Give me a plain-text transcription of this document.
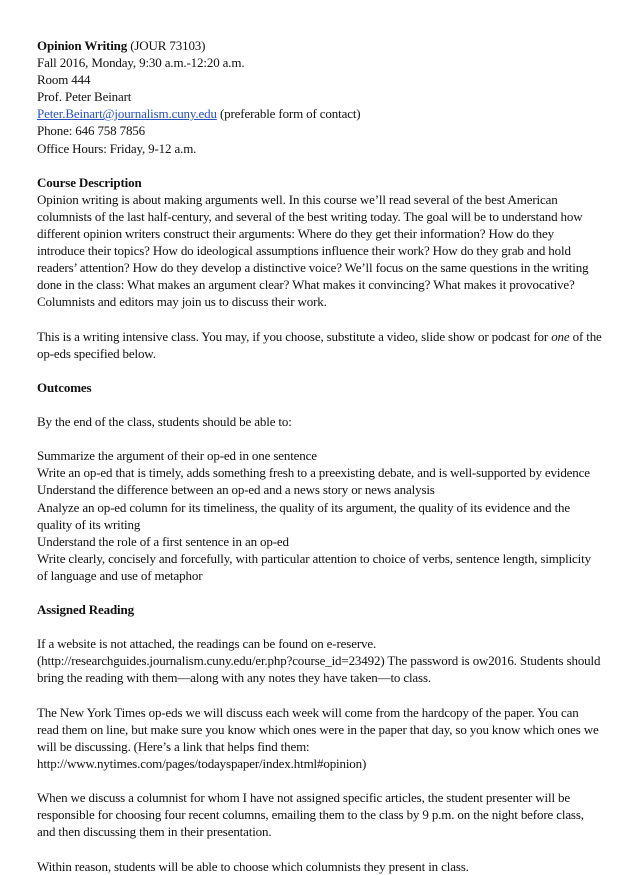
Opinion Writing (JOUR 73103)
Fall 2016, Monday, 9:30 a.m.-12:20 a.m.
Room 444
Prof. Peter Beinart
Peter.Beinart@journalism.cuny.edu (preferable form of contact)
Phone: 646 758 7856
Office Hours: Friday, 9-12 a.m.
Course Description
Opinion writing is about making arguments well. In this course we’ll read several of the best American
columnists of the last half-century, and several of the best writing today. The goal will be to understand how
different opinion writers construct their arguments: Where do they get their information? How do they
introduce their topics? How do ideological assumptions influence their work? How do they grab and hold
readers’ attention? How do they develop a distinctive voice? We’ll focus on the same questions in the writing
done in the class: What makes an argument clear? What makes it convincing? What makes it provocative?
Columnists and editors may join us to discuss their work.
This is a writing intensive class. You may, if you choose, substitute a video, slide show or podcast for one of the
op-eds specified below.
Outcomes
By the end of the class, students should be able to:
Summarize the argument of their op-ed in one sentence
Write an op-ed that is timely, adds something fresh to a preexisting debate, and is well-supported by evidence
Understand the difference between an op-ed and a news story or news analysis
Analyze an op-ed column for its timeliness, the quality of its argument, the quality of its evidence and the
quality of its writing
Understand the role of a first sentence in an op-ed
Write clearly, concisely and forcefully, with particular attention to choice of verbs, sentence length, simplicity
of language and use of metaphor
Assigned Reading
If a website is not attached, the readings can be found on e-reserve.
(http://researchguides.journalism.cuny.edu/er.php?course_id=23492) The password is ow2016. Students should
bring the reading with them—along with any notes they have taken—to class.
The New York Times op-eds we will discuss each week will come from the hardcopy of the paper. You can
read them on line, but make sure you know which ones were in the paper that day, so you know which ones we
will be discussing. (Here’s a link that helps find them:
http://www.nytimes.com/pages/todayspaper/index.html#opinion)
When we discuss a columnist for whom I have not assigned specific articles, the student presenter will be
responsible for choosing four recent columns, emailing them to the class by 9 p.m. on the night before class,
and then discussing them in their presentation.
Within reason, students will be able to choose which columnists they present in class.
